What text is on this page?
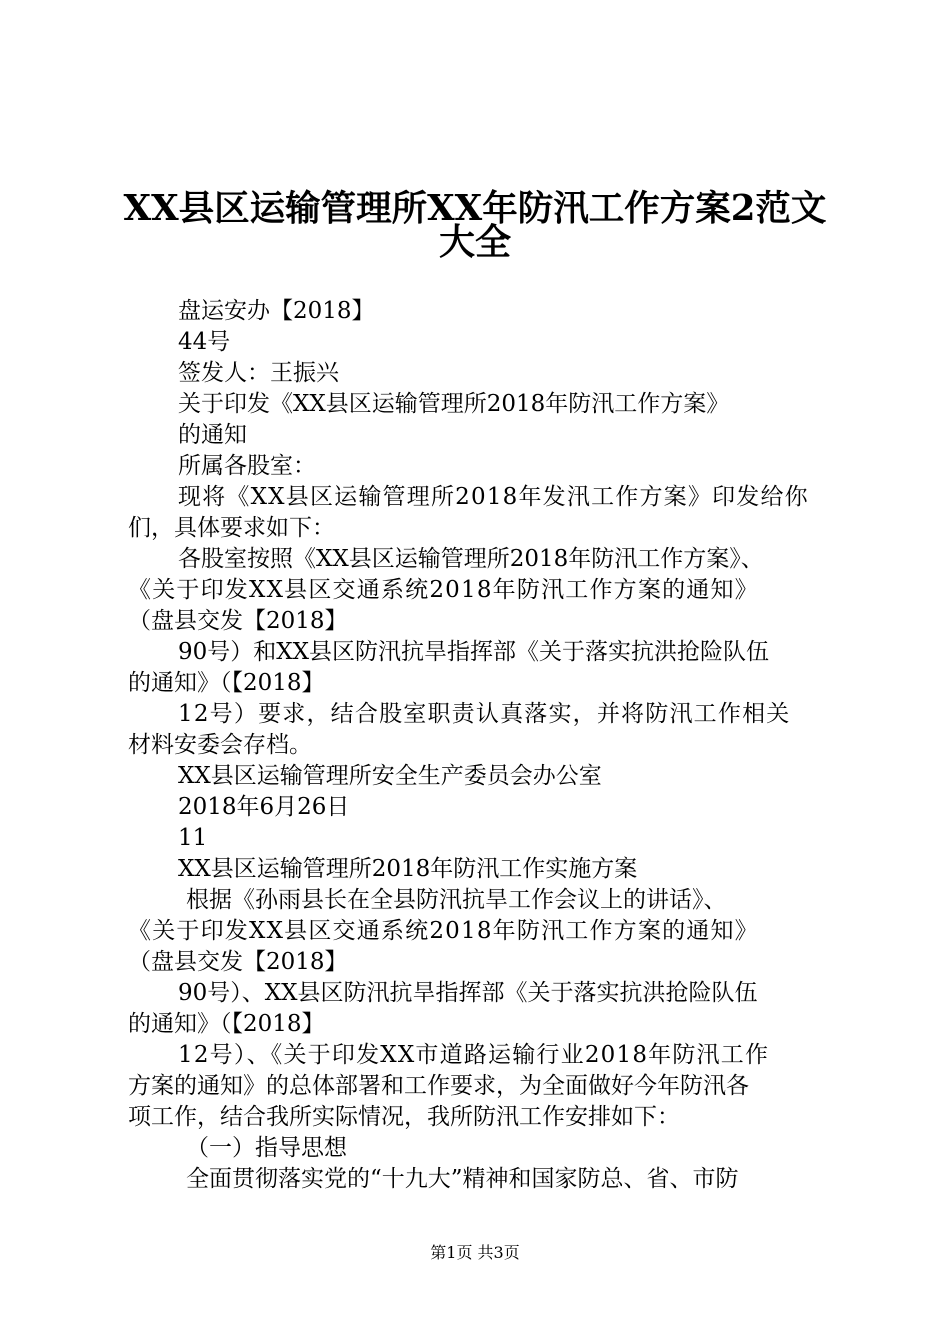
XX县区运输管理所XX年防汛工作方案2范文
大全
盘运安办【2018】
44号
签发人：王振兴
关于印发《XX县区运输管理所2018年防汛工作方案》
的通知
所属各股室：
现将《XX县区运输管理所2018年发汛工作方案》印发给你
们，具体要求如下：
各股室按照《XX县区运输管理所2018年防汛工作方案》、
《关于印发XX县区交通系统2018年防汛工作方案的通知》
（盘县交发【2018】
90号）和XX县区防汛抗旱指挥部《关于落实抗洪抢险队伍
的通知》（【2018】
12号）要求，结合股室职责认真落实，并将防汛工作相关
材料安委会存档。
XX县区运输管理所安全生产委员会办公室
2018年6月26日
11
XX县区运输管理所2018年防汛工作实施方案
根据《孙雨县长在全县防汛抗旱工作会议上的讲话》、
《关于印发XX县区交通系统2018年防汛工作方案的通知》
（盘县交发【2018】
90号）、XX县区防汛抗旱指挥部《关于落实抗洪抢险队伍
的通知》（【2018】
12号）、《关于印发XX市道路运输行业2018年防汛工作
方案的通知》的总体部署和工作要求，为全面做好今年防汛各
项工作，结合我所实际情况，我所防汛工作安排如下：
（一）指导思想
全面贯彻落实党的“十九大”精神和国家防总、省、市防
第1页 共3页
